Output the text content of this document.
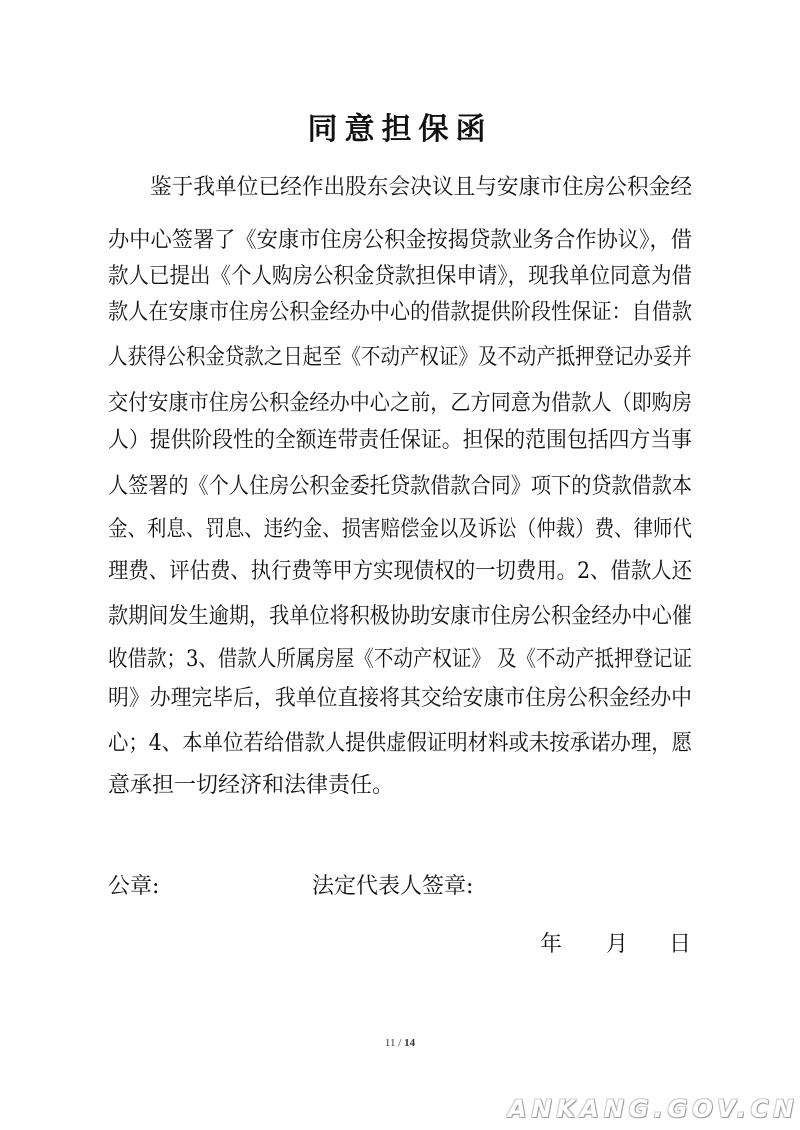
同意担保函
鉴于我单位已经作出股东会决议且与安康市住房公积金经
办中心签署了《安康市住房公积金按揭贷款业务合作协议》，借
款人已提出《个人购房公积金贷款担保申请》，现我单位同意为借
款人在安康市住房公积金经办中心的借款提供阶段性保证：自借款
人获得公积金贷款之日起至《不动产权证》及不动产抵押登记办妥并
交付安康市住房公积金经办中心之前，乙方同意为借款人（即购房
人）提供阶段性的全额连带责任保证。担保的范围包括四方当事
人签署的《个人住房公积金委托贷款借款合同》项下的贷款借款本
金、利息、罚息、违约金、损害赔偿金以及诉讼（仲裁）费、律师代
理费、评估费、执行费等甲方实现债权的一切费用。2、借款人还
款期间发生逾期，我单位将积极协助安康市住房公积金经办中心催
收借款；3、借款人所属房屋《不动产权证》 及《不动产抵押登记证
明》办理完毕后，我单位直接将其交给安康市住房公积金经办中
心；4、本单位若给借款人提供虚假证明材料或未按承诺办理，愿
意承担一切经济和法律责任。
公章:	法定代表人签章:
年 月 日
11 / 14
ANKANG.GOV.CN
